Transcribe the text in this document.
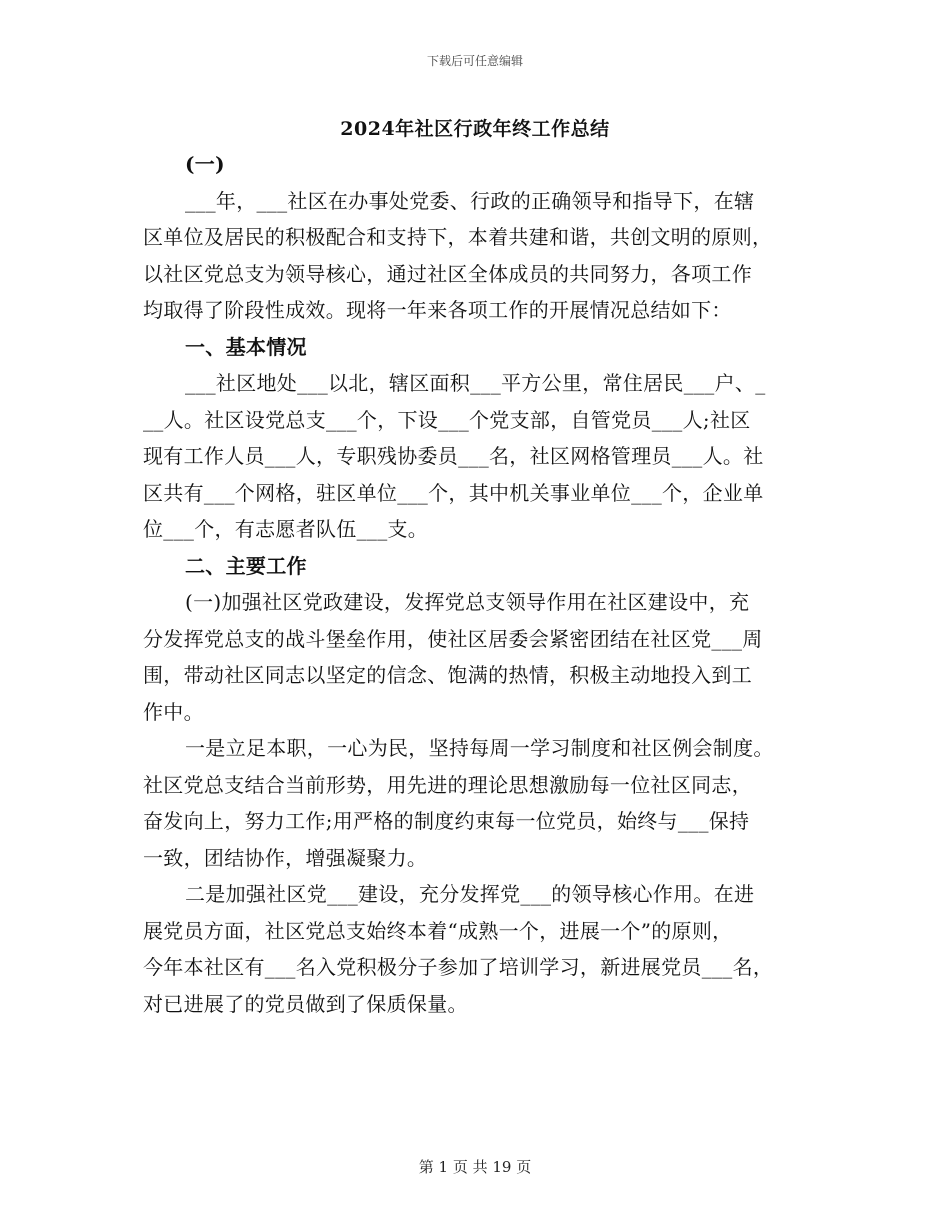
下载后可任意编辑
2024年社区行政年终工作总结
(一)
___年，___社区在办事处党委、行政的正确领导和指导下，在辖
区单位及居民的积极配合和支持下，本着共建和谐，共创文明的原则，
以社区党总支为领导核心，通过社区全体成员的共同努力，各项工作
均取得了阶段性成效。现将一年来各项工作的开展情况总结如下：
一、基本情况
___社区地处___以北，辖区面积___平方公里，常住居民___户、_
__人。社区设党总支___个，下设___个党支部，自管党员___人;社区
现有工作人员___人，专职残协委员___名，社区网格管理员___人。社
区共有___个网格，驻区单位___个，其中机关事业单位___个，企业单
位___个，有志愿者队伍___支。
二、主要工作
(一)加强社区党政建设，发挥党总支领导作用在社区建设中，充
分发挥党总支的战斗堡垒作用，使社区居委会紧密团结在社区党___周
围，带动社区同志以坚定的信念、饱满的热情，积极主动地投入到工
作中。
一是立足本职，一心为民，坚持每周一学习制度和社区例会制度。
社区党总支结合当前形势，用先进的理论思想激励每一位社区同志，
奋发向上，努力工作;用严格的制度约束每一位党员，始终与___保持
一致，团结协作，增强凝聚力。
二是加强社区党___建设，充分发挥党___的领导核心作用。在进
展党员方面，社区党总支始终本着“成熟一个，进展一个”的原则，
今年本社区有___名入党积极分子参加了培训学习，新进展党员___名，
对已进展了的党员做到了保质保量。
第 1 页 共 19 页
